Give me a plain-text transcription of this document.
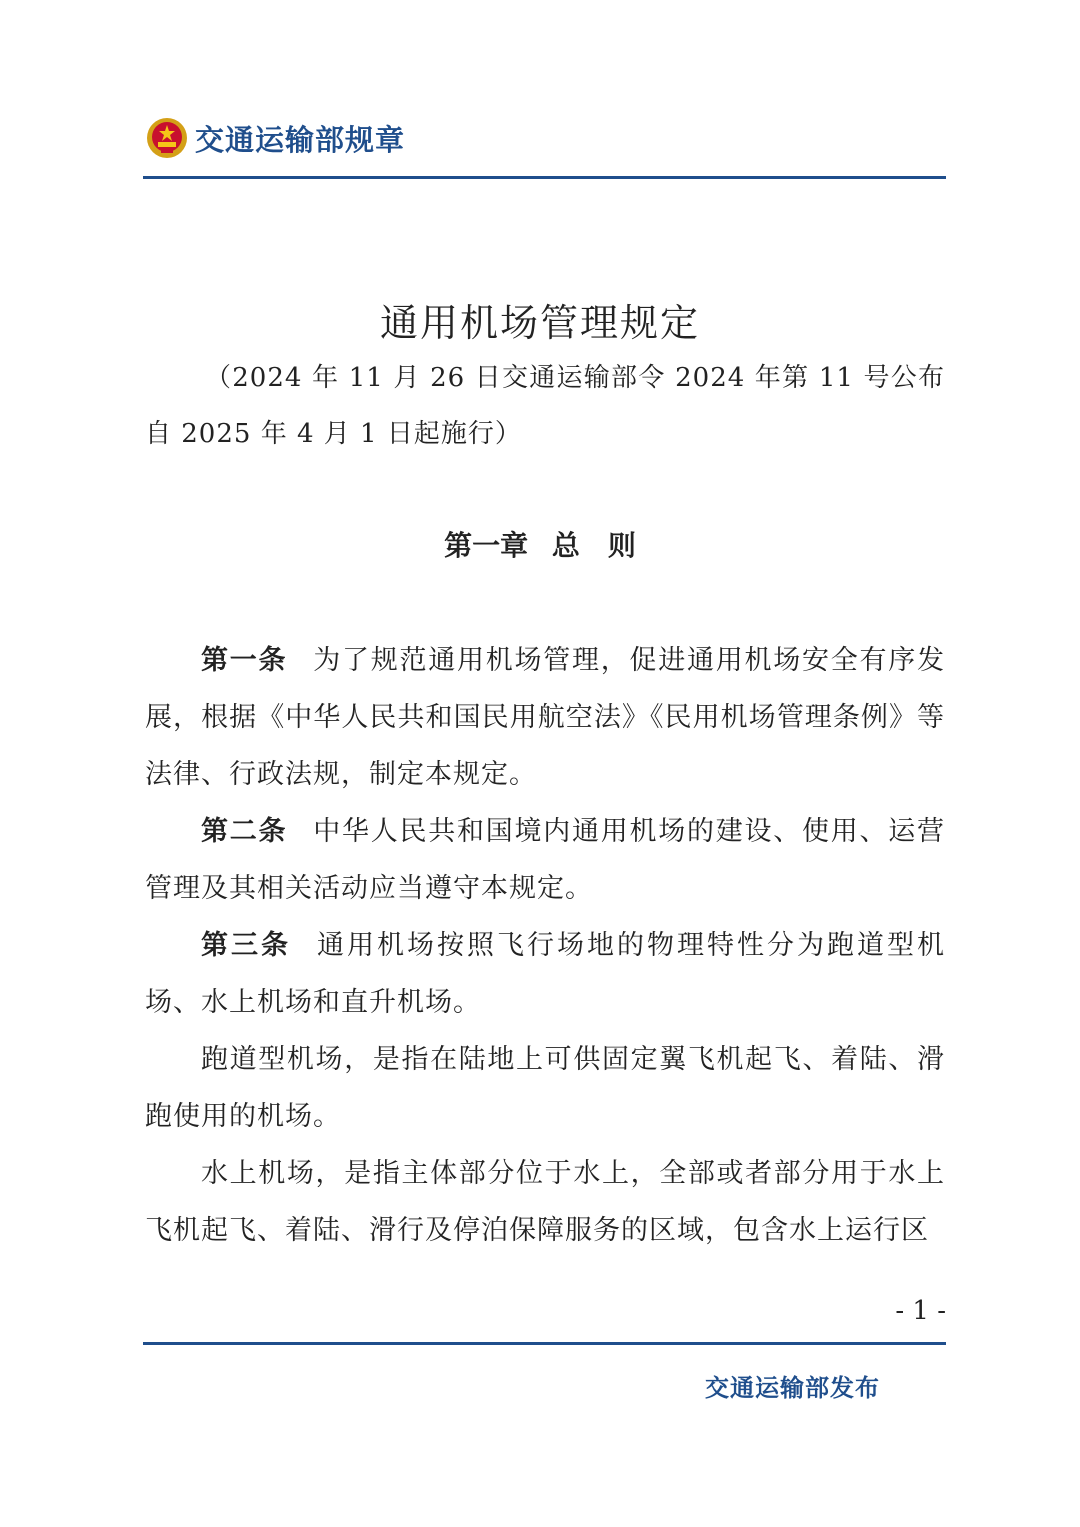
交通运输部规章
通用机场管理规定
（2024 年 11 月 26 日交通运输部令 2024 年第 11 号公布　自 2025 年 4 月 1 日起施行）
第一章 总　则

第一条 为了规范通用机场管理，促进通用机场安全有序发展，根据《中华人民共和国民用航空法》《民用机场管理条例》等法律、行政法规，制定本规定。

第二条 中华人民共和国境内通用机场的建设、使用、运营管理及其相关活动应当遵守本规定。

第三条 通用机场按照飞行场地的物理特性分为跑道型机场、水上机场和直升机场。

跑道型机场，是指在陆地上可供固定翼飞机起飞、着陆、滑跑使用的机场。

水上机场，是指主体部分位于水上，全部或者部分用于水上飞机起飞、着陆、滑行及停泊保障服务的区域，包含水上运行区

- 1 -
交通运输部发布
